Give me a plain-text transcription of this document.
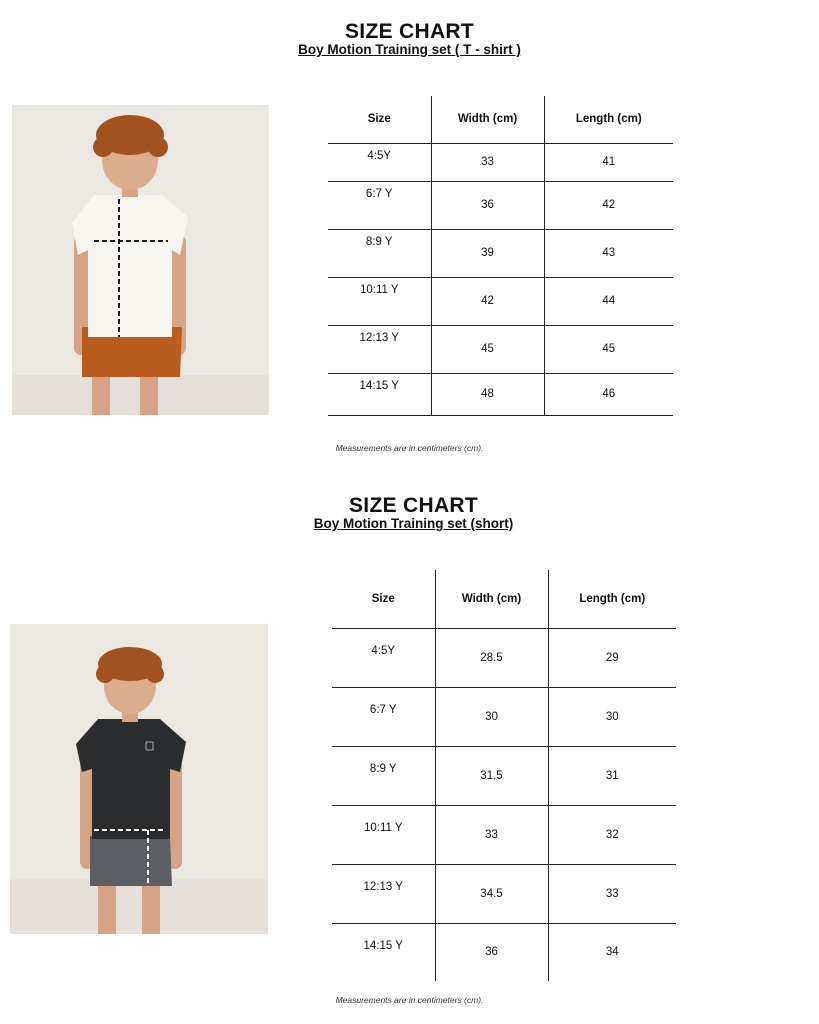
SIZE CHART
Boy Motion Training set ( T - shirt )
Size	Width (cm)	Length (cm)
4:5Y	33	41
6:7 Y	36	42
8:9 Y	39	43
10:11 Y	42	44
12:13 Y	45	45
14:15 Y	48	46
Measurements are in centimeters (cm).
SIZE CHART
Boy Motion Training set (short)
Size	Width (cm)	Length (cm)
4:5Y	28.5	29
6:7 Y	30	30
8:9 Y	31.5	31
10:11 Y	33	32
12:13 Y	34.5	33
14:15 Y	36	34
Measurements are in centimeters (cm).
